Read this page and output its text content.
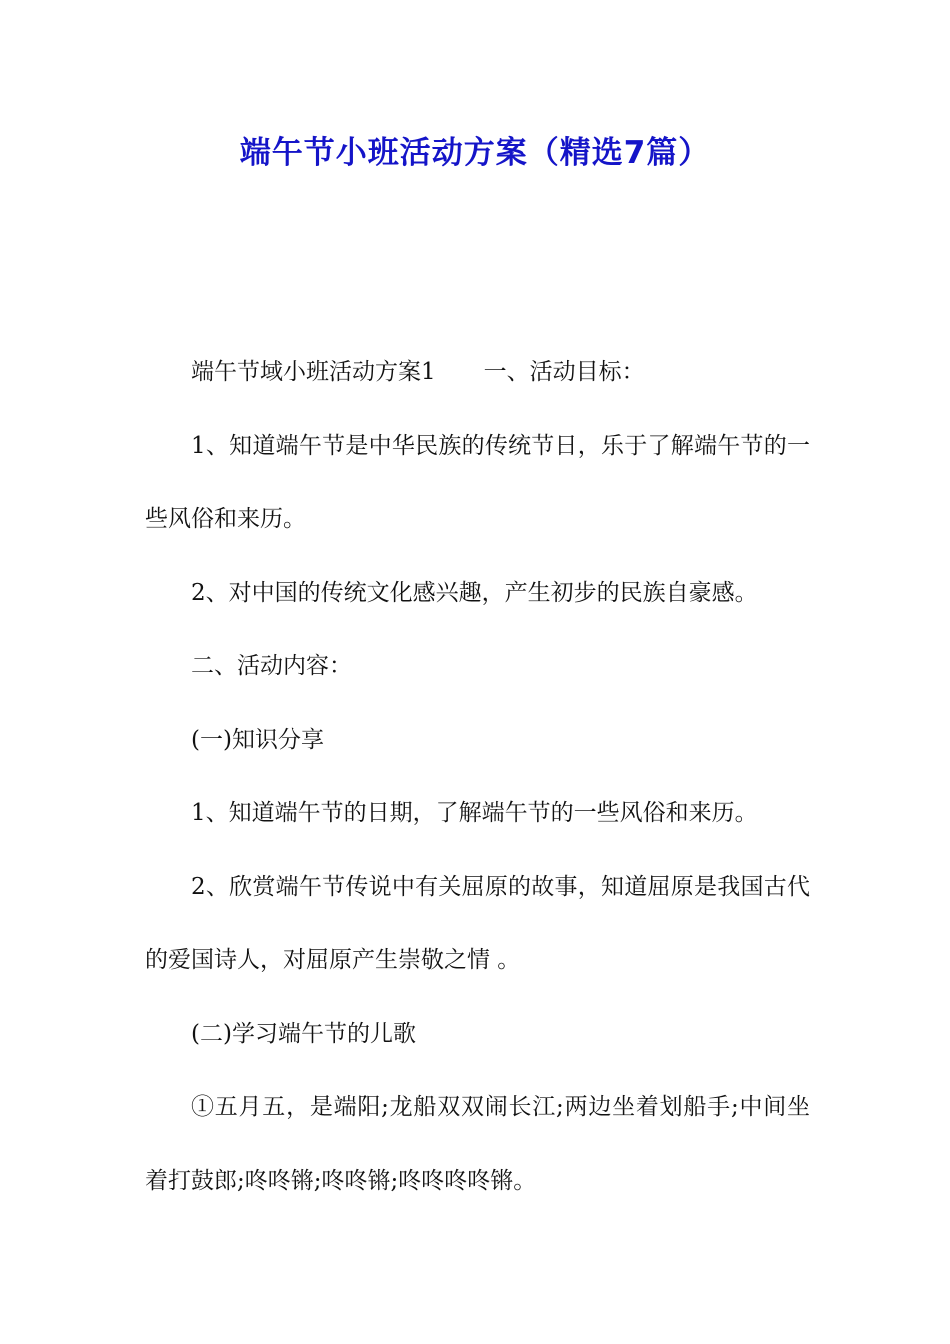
端午节小班活动方案（精选7篇）

端午节域小班活动方案1 一、活动目标：

1、知道端午节是中华民族的传统节日，乐于了解端午节的一些风俗和来历。

2、对中国的传统文化感兴趣，产生初步的民族自豪感。

二、活动内容：

(一)知识分享

1、知道端午节的日期，了解端午节的一些风俗和来历。

2、欣赏端午节传说中有关屈原的故事，知道屈原是我国古代的爱国诗人，对屈原产生崇敬之情 。

(二)学习端午节的儿歌

①五月五，是端阳;龙船双双闹长江;两边坐着划船手;中间坐着打鼓郎;咚咚锵;咚咚锵;咚咚咚咚锵。
